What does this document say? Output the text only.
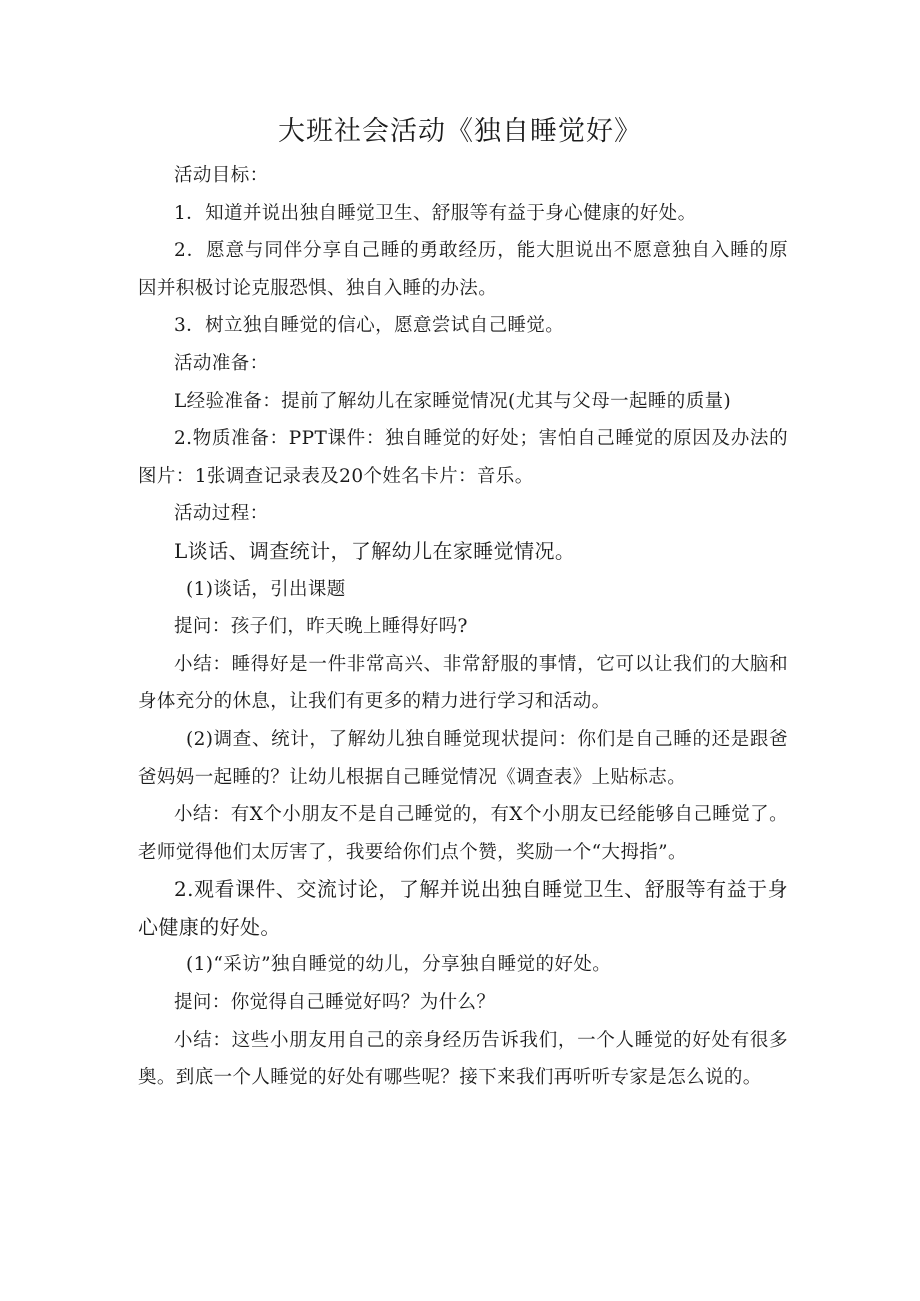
大班社会活动《独自睡觉好》

活动目标：

1．知道并说出独自睡觉卫生、舒服等有益于身心健康的好处。

2．愿意与同伴分享自己睡的勇敢经历，能大胆说出不愿意独自入睡的原因并积极讨论克服恐惧、独自入睡的办法。

3．树立独自睡觉的信心，愿意尝试自己睡觉。

活动准备：

L经验准备：提前了解幼儿在家睡觉情况(尤其与父母一起睡的质量)

2.物质准备：PPT课件：独自睡觉的好处；害怕自己睡觉的原因及办法的图片：1张调查记录表及20个姓名卡片：音乐。

活动过程：

L谈话、调查统计，了解幼儿在家睡觉情况。

(1)谈话，引出课题

提问：孩子们，昨天晚上睡得好吗?

小结：睡得好是一件非常高兴、非常舒服的事情，它可以让我们的大脑和身体充分的休息，让我们有更多的精力进行学习和活动。

(2)调查、统计，了解幼儿独自睡觉现状提问：你们是自己睡的还是跟爸爸妈妈一起睡的？让幼儿根据自己睡觉情况《调查表》上贴标志。

小结：有X个小朋友不是自己睡觉的，有X个小朋友已经能够自己睡觉了。老师觉得他们太厉害了，我要给你们点个赞，奖励一个“大拇指”。

2.观看课件、交流讨论，了解并说出独自睡觉卫生、舒服等有益于身心健康的好处。

(1)“采访”独自睡觉的幼儿，分享独自睡觉的好处。

提问：你觉得自己睡觉好吗？为什么？

小结：这些小朋友用自己的亲身经历告诉我们，一个人睡觉的好处有很多奥。到底一个人睡觉的好处有哪些呢？接下来我们再听听专家是怎么说的。
